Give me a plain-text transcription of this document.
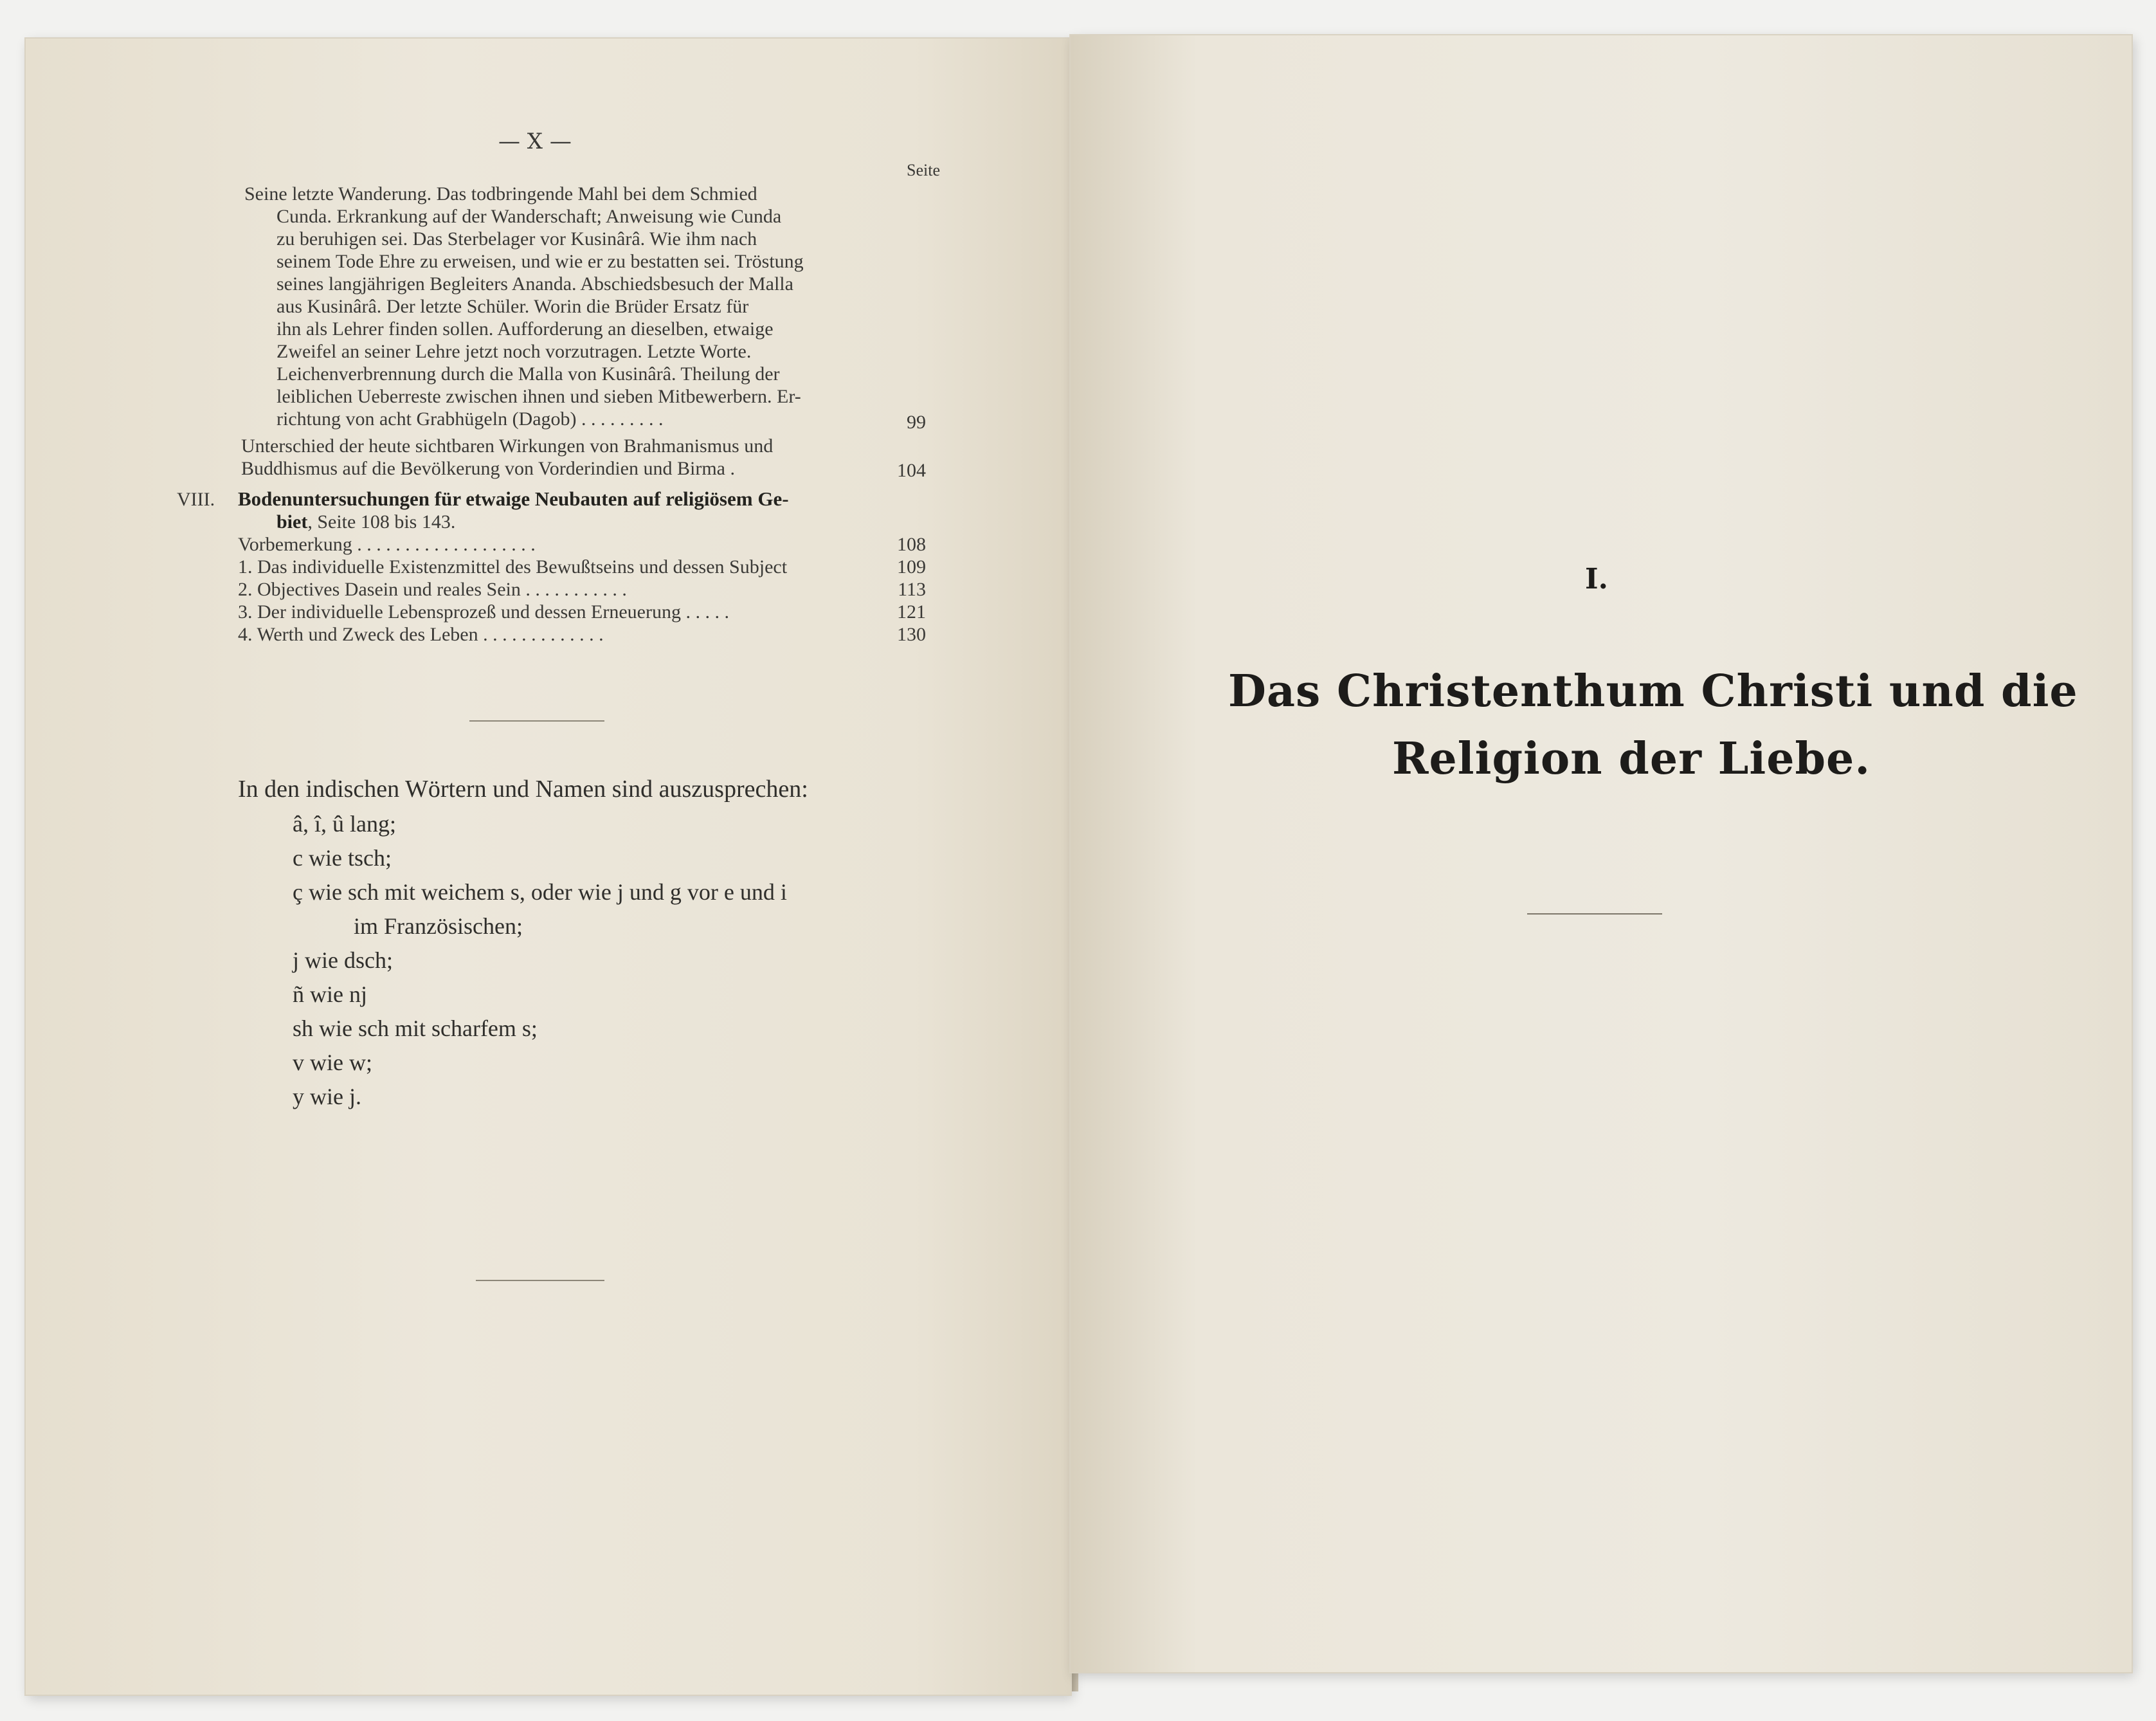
— X —
Seite
Seine letzte Wanderung. Das todbringende Mahl bei dem Schmied
Cunda. Erkrankung auf der Wanderschaft; Anweisung wie Cunda
zu beruhigen sei. Das Sterbelager vor Kusinârâ. Wie ihm nach
seinem Tode Ehre zu erweisen, und wie er zu bestatten sei. Tröstung
seines langjährigen Begleiters Ananda. Abschiedsbesuch der Malla
aus Kusinârâ. Der letzte Schüler. Worin die Brüder Ersatz für
ihn als Lehrer finden sollen. Aufforderung an dieselben, etwaige
Zweifel an seiner Lehre jetzt noch vorzutragen. Letzte Worte.
Leichenverbrennung durch die Malla von Kusinârâ. Theilung der
leiblichen Ueberreste zwischen ihnen und sieben Mitbewerbern. Er-
richtung von acht Grabhügeln (Dagob) . . . . . . . . .	99
Unterschied der heute sichtbaren Wirkungen von Brahmanismus und
Buddhismus auf die Bevölkerung von Vorderindien und Birma .	104
VIII. Bodenuntersuchungen für etwaige Neubauten auf religiösem Ge-
biet, Seite 108 bis 143.
Vorbemerkung . . . . . . . . . . . . . . . . . . .	108
1. Das individuelle Existenzmittel des Bewußtseins und dessen Subject	109
2. Objectives Dasein und reales Sein . . . . . . . . . . .	113
3. Der individuelle Lebensprozeß und dessen Erneuerung . . . . .	121
4. Werth und Zweck des Leben . . . . . . . . . . . . .	130
In den indischen Wörtern und Namen sind auszusprechen:
â, î, û lang;
c wie tsch;
ç wie sch mit weichem s, oder wie j und g vor e und i
im Französischen;
j wie dsch;
ñ wie nj
sh wie sch mit scharfem s;
v wie w;
y wie j.
I.
Das Christenthum Christi und die
Religion der Liebe.
